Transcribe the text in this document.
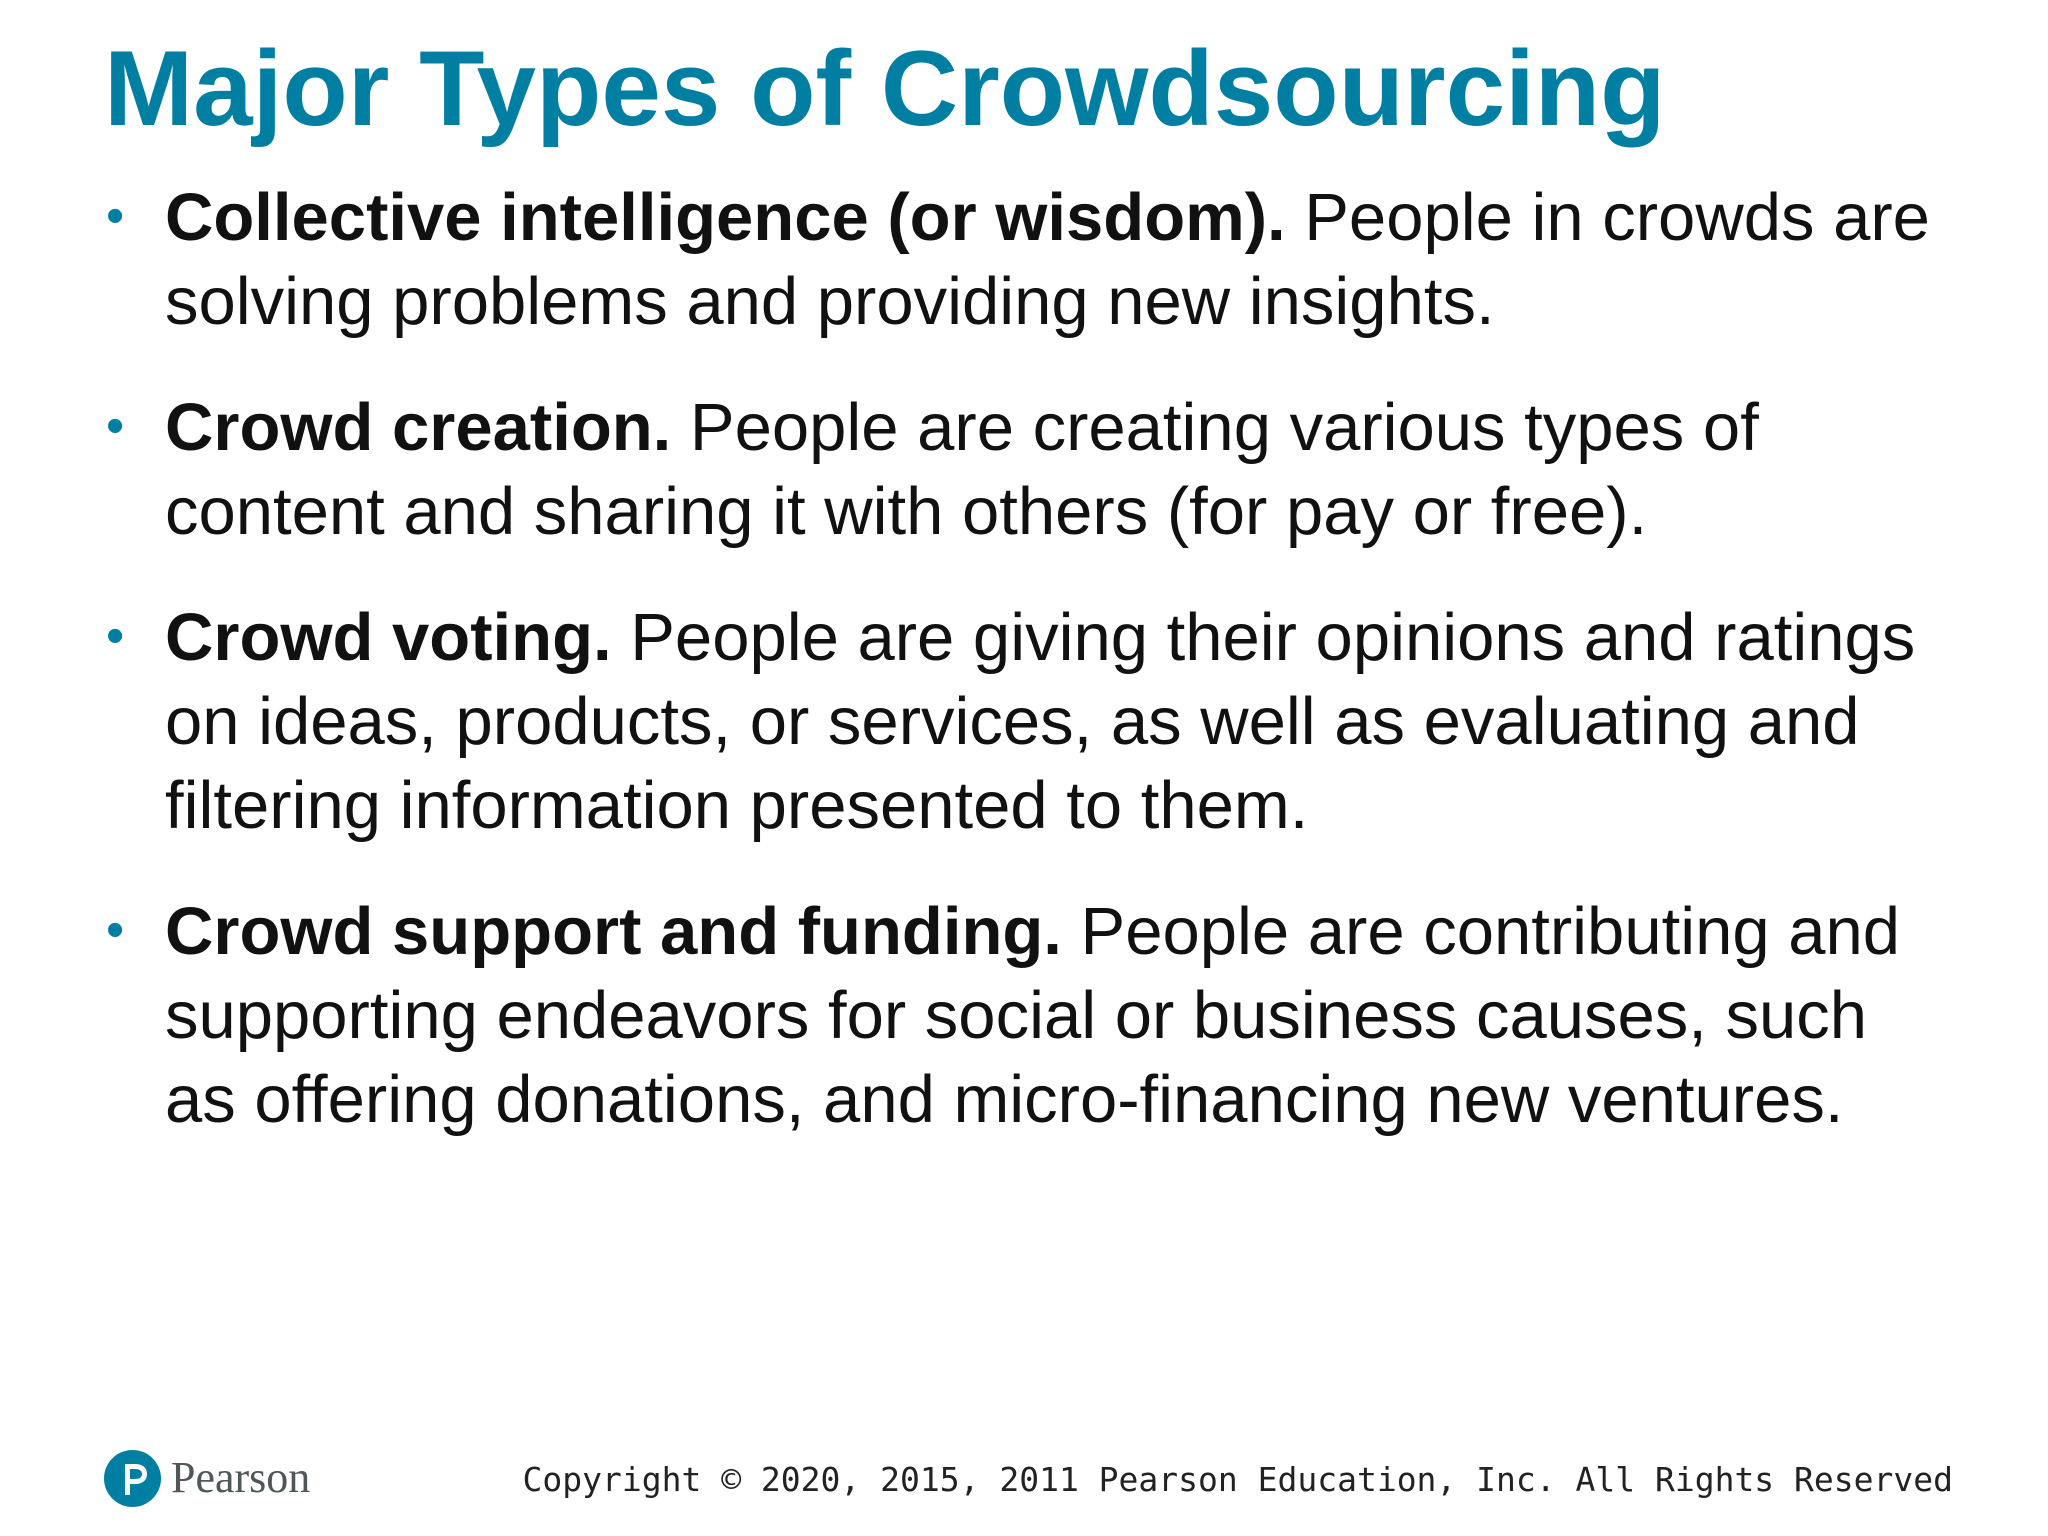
Major Types of Crowdsourcing
• Collective intelligence (or wisdom). People in crowds are solving problems and providing new insights.
• Crowd creation. People are creating various types of content and sharing it with others (for pay or free).
• Crowd voting. People are giving their opinions and ratings on ideas, products, or services, as well as evaluating and filtering information presented to them.
• Crowd support and funding. People are contributing and supporting endeavors for social or business causes, such as offering donations, and micro-financing new ventures.
Pearson	Copyright © 2020, 2015, 2011 Pearson Education, Inc. All Rights Reserved
